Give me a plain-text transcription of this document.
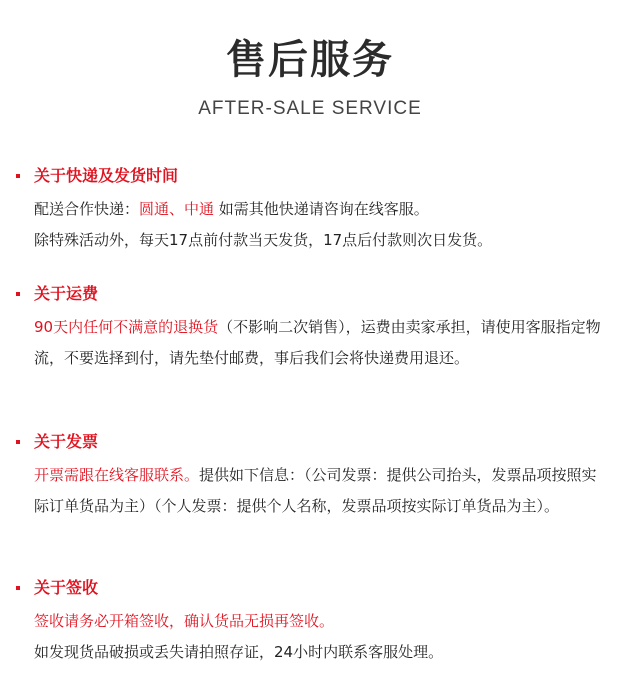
售后服务
AFTER-SALE SERVICE
关于快递及发货时间
配送合作快递：圆通、中通 如需其他快递请咨询在线客服。
除特殊活动外，每天17点前付款当天发货，17点后付款则次日发货。
关于运费
90天内任何不满意的退换货（不影响二次销售），运费由卖家承担，请使用客服指定物流，不要选择到付，请先垫付邮费，事后我们会将快递费用退还。
关于发票
开票需跟在线客服联系。提供如下信息：（公司发票：提供公司抬头，发票品项按照实际订单货品为主）（个人发票：提供个人名称，发票品项按实际订单货品为主）。
关于签收
签收请务必开箱签收，确认货品无损再签收。
如发现货品破损或丢失请拍照存证，24小时内联系客服处理。
